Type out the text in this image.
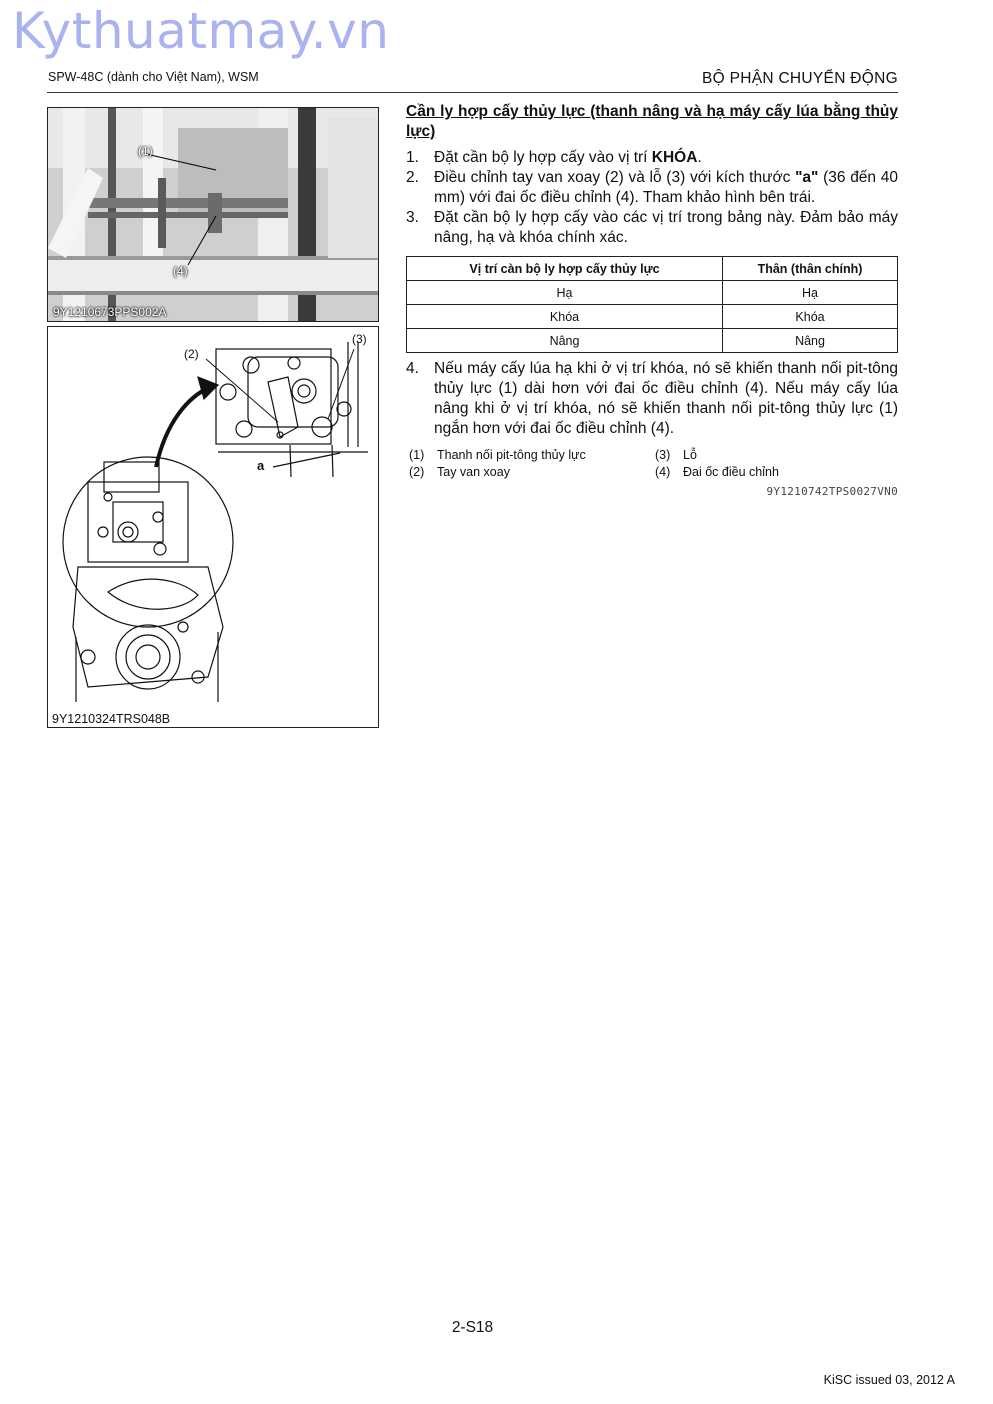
Kythuatmay.vn
SPW-48C (dành cho Việt Nam), WSM	BỘ PHẬN CHUYỂN ĐỘNG
(1)
(4)
9Y1210673PPS002A
(2)
(3)
a
9Y1210324TRS048B
Cần ly hợp cấy thủy lực (thanh nâng và hạ máy cấy lúa bằng thủy lực)
1. Đặt cần bộ ly hợp cấy vào vị trí KHÓA.
2. Điều chỉnh tay van xoay (2) và lỗ (3) với kích thước "a" (36 đến 40 mm) với đai ốc điều chỉnh (4). Tham khảo hình bên trái.
3. Đặt cần bộ ly hợp cấy vào các vị trí trong bảng này. Đảm bảo máy nâng, hạ và khóa chính xác.
Vị trí càn bộ ly hợp cấy thủy lực	Thân (thân chính)
Hạ	Hạ
Khóa	Khóa
Nâng	Nâng
4. Nếu máy cấy lúa hạ khi ở vị trí khóa, nó sẽ khiến thanh nối pit-tông thủy lực (1) dài hơn với đai ốc điều chỉnh (4). Nếu máy cấy lúa nâng khi ở vị trí khóa, nó sẽ khiến thanh nối pit-tông thủy lực (1) ngắn hơn với đai ốc điều chỉnh (4).
(1)	Thanh nối pit-tông thủy lực	(3)	Lỗ
(2)	Tay van xoay	(4)	Đai ốc điều chỉnh
9Y1210742TPS0027VN0
2-S18
KiSC issued 03, 2012 A
